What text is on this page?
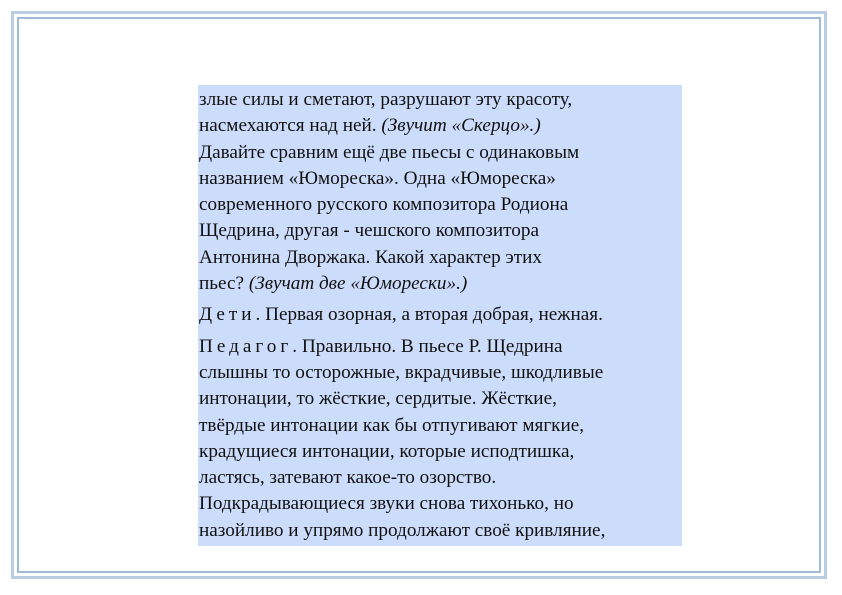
злые силы и сметают, разрушают эту красоту,
насмехаются над ней. (Звучит «Скерцо».)
Давайте сравним ещё две пьесы с одинаковым
названием «Юмореска». Одна «Юмореска»
современного русского композитора Родиона
Щедрина, другая - чешского композитора
Антонина Дворжака. Какой характер этих
пьес? (Звучат две «Юморески».)

Дети. Первая озорная, а вторая добрая, нежная.

Педагог. Правильно. В пьесе Р. Щедрина
слышны то осторожные, вкрадчивые, шкодливые
интонации, то жёсткие, сердитые. Жёсткие,
твёрдые интонации как бы отпугивают мягкие,
крадущиеся интонации, которые исподтишка,
ластясь, затевают какое-то озорство.
Подкрадывающиеся звуки снова тихонько, но
назойливо и упрямо продолжают своё кривляние,
